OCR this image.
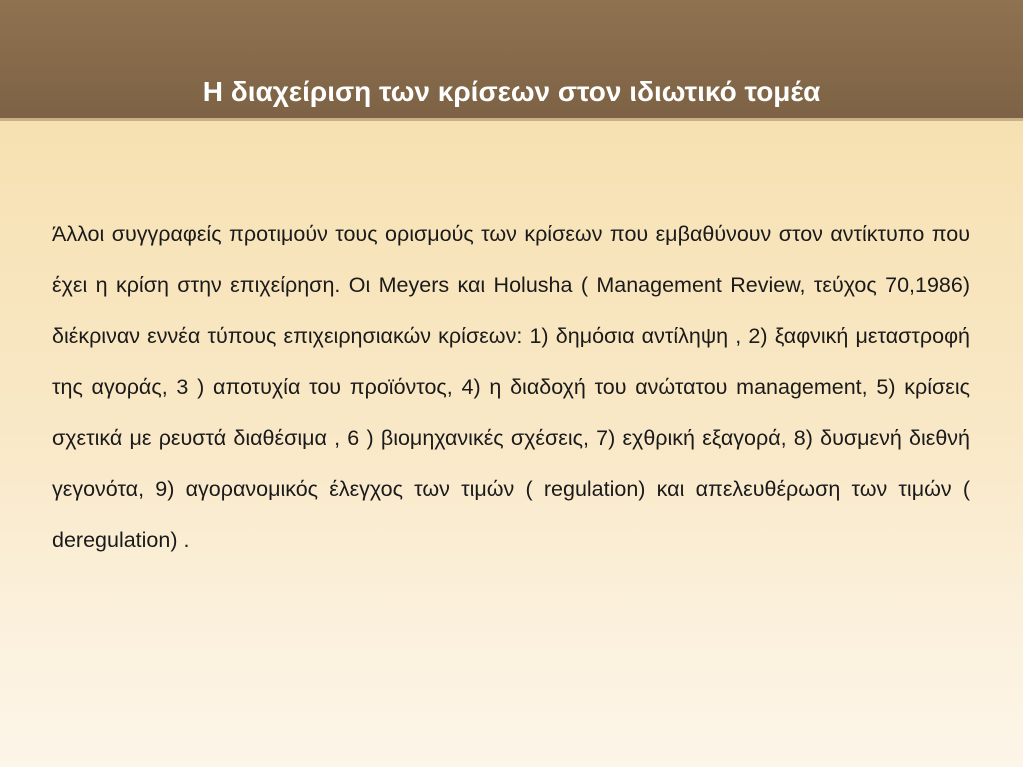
Η διαχείριση των κρίσεων στον ιδιωτικό τομέα

Άλλοι συγγραφείς προτιμούν τους ορισμούς των κρίσεων που εμβαθύνουν στον αντίκτυπο που έχει η κρίση στην επιχείρηση. Οι Meyers και Holusha ( Management Review, τεύχος 70,1986) διέκριναν εννέα τύπους επιχειρησιακών κρίσεων: 1) δημόσια αντίληψη , 2) ξαφνική μεταστροφή της αγοράς, 3 ) αποτυχία του προϊόντος, 4) η διαδοχή του ανώτατου management, 5) κρίσεις σχετικά με ρευστά διαθέσιμα , 6 ) βιομηχανικές σχέσεις, 7) εχθρική εξαγορά, 8) δυσμενή διεθνή γεγονότα, 9) αγορανομικός έλεγχος των τιμών ( regulation) και απελευθέρωση των τιμών ( deregulation) .
